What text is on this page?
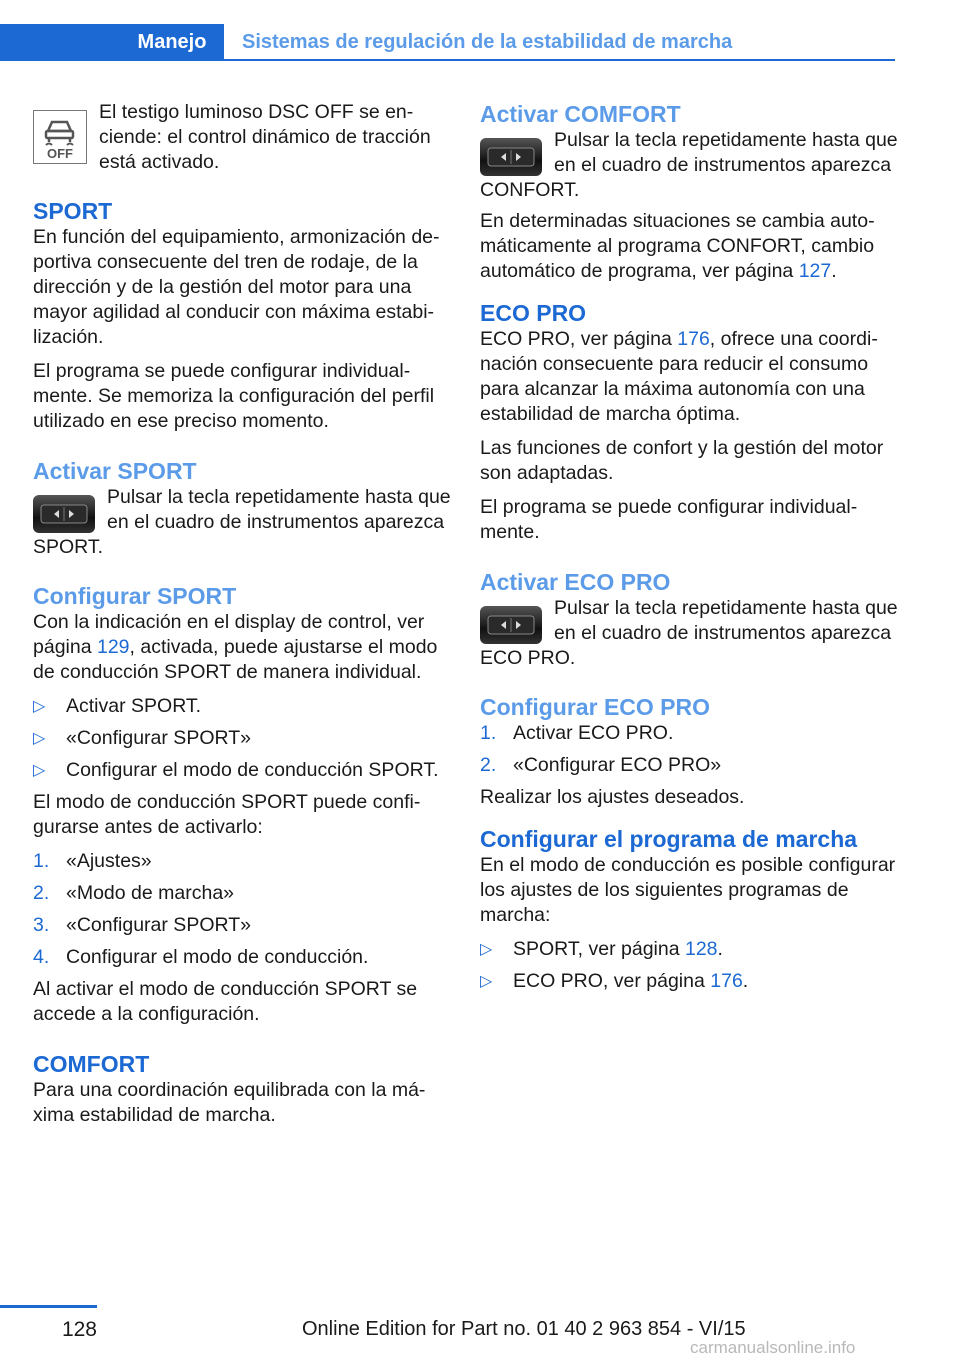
Manejo	Sistemas de regulación de la estabilidad de marcha
OFF

El testigo luminoso DSC OFF se enciende: el control dinámico de tracción está activado.

SPORT

En función del equipamiento, armonización deportiva consecuente del tren de rodaje, de la dirección y de la gestión del motor para una mayor agilidad al conducir con máxima estabilización.

El programa se puede configurar individualmente. Se memoriza la configuración del perfil utilizado en ese preciso momento.

Activar SPORT

Pulsar la tecla repetidamente hasta que en el cuadro de instrumentos aparezca SPORT.

Configurar SPORT

Con la indicación en el display de control, ver página 129, activada, puede ajustarse el modo de conducción SPORT de manera individual.

▷ Activar SPORT.
▷ «Configurar SPORT»
▷ Configurar el modo de conducción SPORT.

El modo de conducción SPORT puede configurarse antes de activarlo:

1. «Ajustes»
2. «Modo de marcha»
3. «Configurar SPORT»
4. Configurar el modo de conducción.

Al activar el modo de conducción SPORT se accede a la configuración.

COMFORT

Para una coordinación equilibrada con la máxima estabilidad de marcha.

Activar COMFORT

Pulsar la tecla repetidamente hasta que en el cuadro de instrumentos aparezca CONFORT.

En determinadas situaciones se cambia automáticamente al programa CONFORT, cambio automático de programa, ver página 127.

ECO PRO

ECO PRO, ver página 176, ofrece una coordinación consecuente para reducir el consumo para alcanzar la máxima autonomía con una estabilidad de marcha óptima.

Las funciones de confort y la gestión del motor son adaptadas.

El programa se puede configurar individualmente.

Activar ECO PRO

Pulsar la tecla repetidamente hasta que en el cuadro de instrumentos aparezca ECO PRO.

Configurar ECO PRO
1. Activar ECO PRO.
2. «Configurar ECO PRO»

Realizar los ajustes deseados.

Configurar el programa de marcha

En el modo de conducción es posible configurar los ajustes de los siguientes programas de marcha:

▷ SPORT, ver página 128.
▷ ECO PRO, ver página 176.
128	Online Edition for Part no. 01 40 2 963 854 - VI/15
carmanualsonline.info
